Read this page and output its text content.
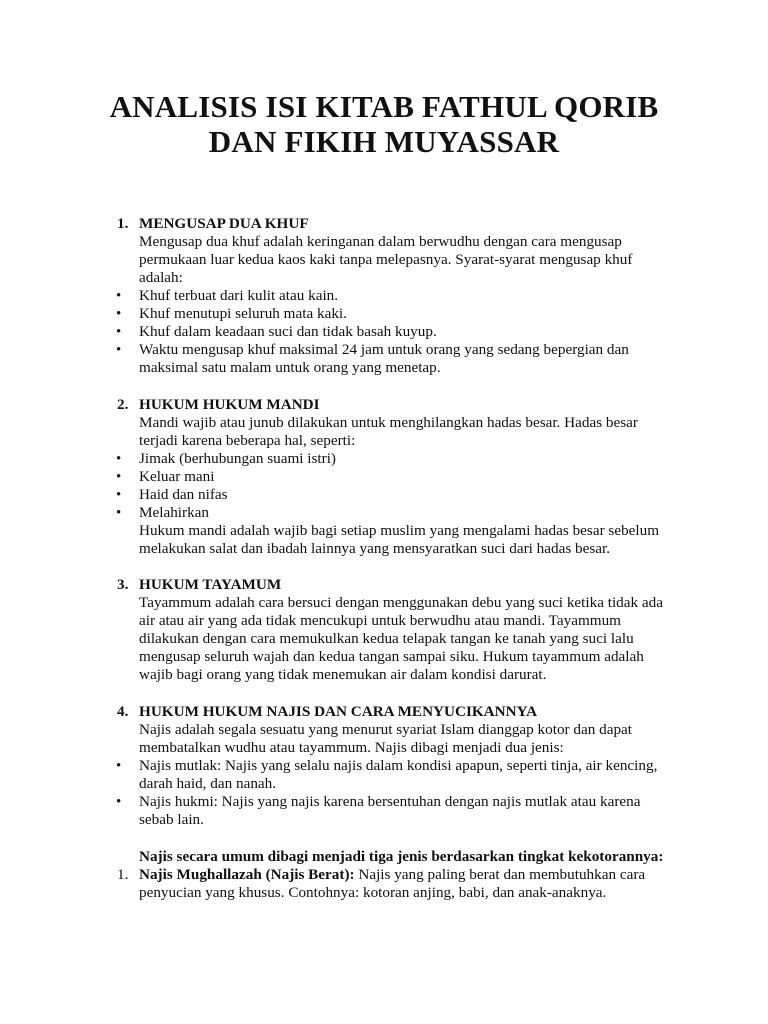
ANALISIS ISI KITAB FATHUL QORIB
DAN FIKIH MUYASSAR
1. MENGUSAP DUA KHUF
Mengusap dua khuf adalah keringanan dalam berwudhu dengan cara mengusap
permukaan luar kedua kaos kaki tanpa melepasnya. Syarat-syarat mengusap khuf
adalah:
• Khuf terbuat dari kulit atau kain.
• Khuf menutupi seluruh mata kaki.
• Khuf dalam keadaan suci dan tidak basah kuyup.
• Waktu mengusap khuf maksimal 24 jam untuk orang yang sedang bepergian dan
maksimal satu malam untuk orang yang menetap.
2. HUKUM HUKUM MANDI
Mandi wajib atau junub dilakukan untuk menghilangkan hadas besar. Hadas besar
terjadi karena beberapa hal, seperti:
• Jimak (berhubungan suami istri)
• Keluar mani
• Haid dan nifas
• Melahirkan
Hukum mandi adalah wajib bagi setiap muslim yang mengalami hadas besar sebelum
melakukan salat dan ibadah lainnya yang mensyaratkan suci dari hadas besar.
3. HUKUM TAYAMUM
Tayammum adalah cara bersuci dengan menggunakan debu yang suci ketika tidak ada
air atau air yang ada tidak mencukupi untuk berwudhu atau mandi. Tayammum
dilakukan dengan cara memukulkan kedua telapak tangan ke tanah yang suci lalu
mengusap seluruh wajah dan kedua tangan sampai siku. Hukum tayammum adalah
wajib bagi orang yang tidak menemukan air dalam kondisi darurat.
4. HUKUM HUKUM NAJIS DAN CARA MENYUCIKANNYA
Najis adalah segala sesuatu yang menurut syariat Islam dianggap kotor dan dapat
membatalkan wudhu atau tayammum. Najis dibagi menjadi dua jenis:
• Najis mutlak: Najis yang selalu najis dalam kondisi apapun, seperti tinja, air kencing,
darah haid, dan nanah.
• Najis hukmi: Najis yang najis karena bersentuhan dengan najis mutlak atau karena
sebab lain.
Najis secara umum dibagi menjadi tiga jenis berdasarkan tingkat kekotorannya:
1. Najis Mughallazah (Najis Berat): Najis yang paling berat dan membutuhkan cara
penyucian yang khusus. Contohnya: kotoran anjing, babi, dan anak-anaknya.
